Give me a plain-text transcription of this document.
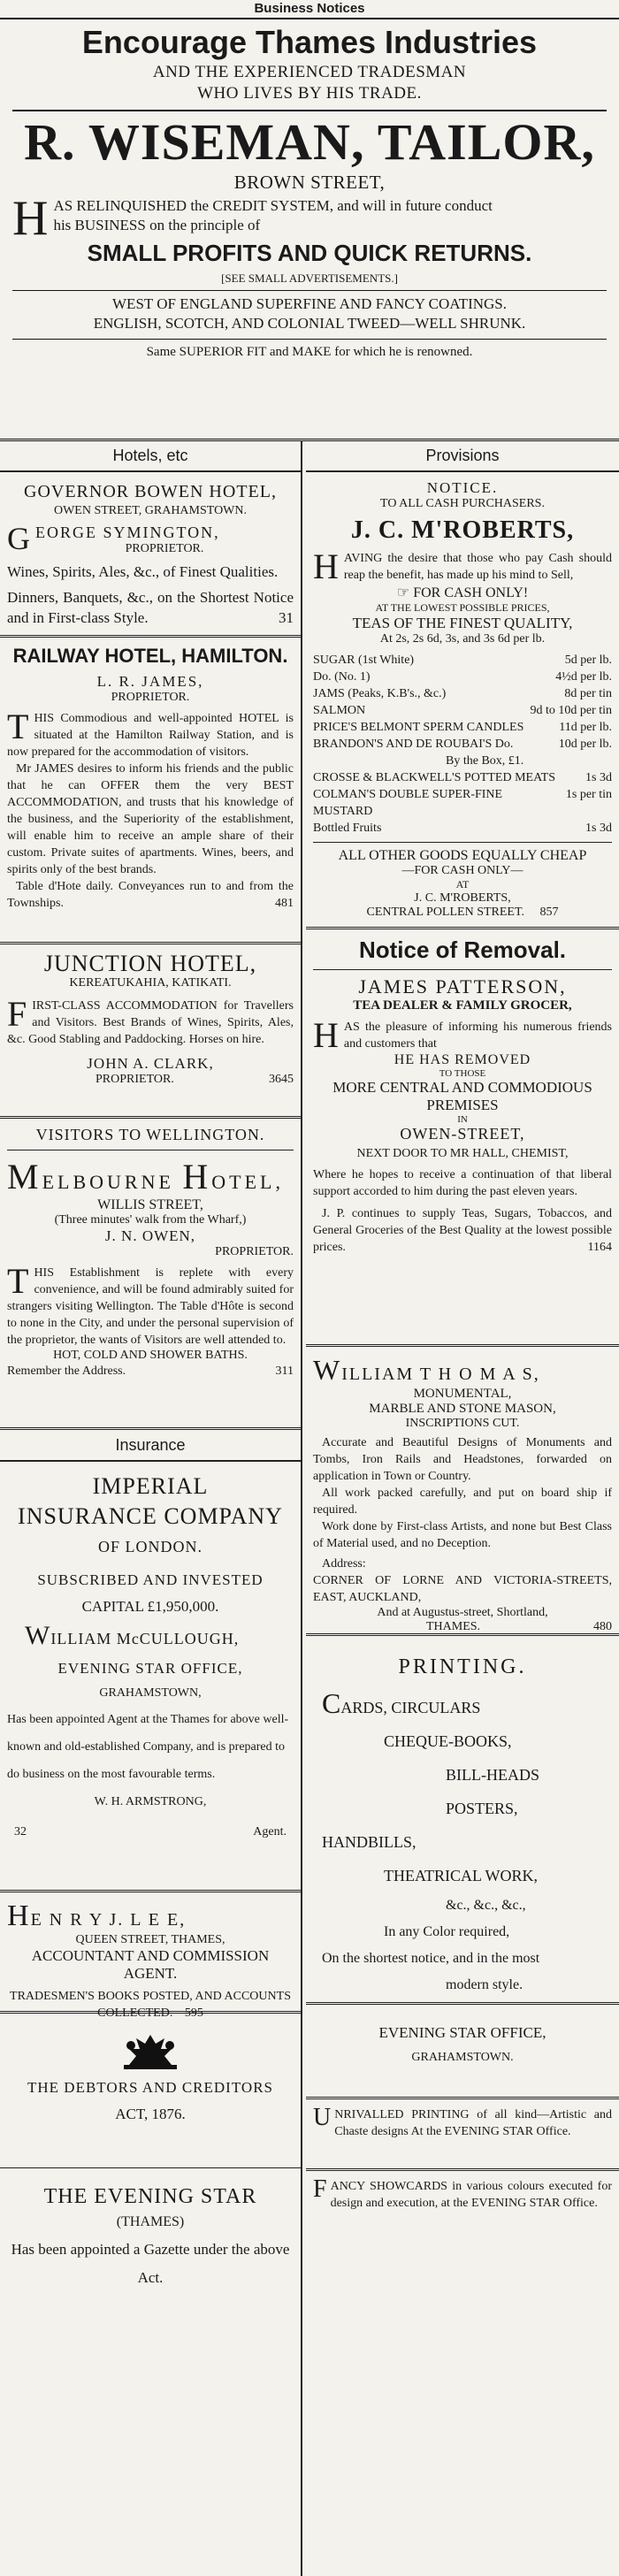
Business Notices
Encourage Thames Industries
AND THE EXPERIENCED TRADESMAN
WHO LIVES BY HIS TRADE.
R. WISEMAN, TAILOR,
BROWN STREET,
H AS RELINQUISHED the CREDIT SYSTEM, and will in future conduct
his BUSINESS on the principle of
SMALL PROFITS AND QUICK RETURNS.
[SEE SMALL ADVERTISEMENTS.]
WEST OF ENGLAND SUPERFINE AND FANCY COATINGS.
ENGLISH, SCOTCH, AND COLONIAL TWEED—WELL SHRUNK.
Same SUPERIOR FIT and MAKE for which he is renowned.
Hotels, etc
GOVERNOR BOWEN HOTEL,
OWEN STREET, GRAHAMSTOWN.
G EORGE SYMINGTON,
PROPRIETOR.
Wines, Spirits, Ales, &c., of Finest Qualities.
Dinners, Banquets, &c., on the Shortest Notice and in First-class Style.	31
RAILWAY HOTEL, HAMILTON.
L. R. JAMES,
PROPRIETOR.
T HIS Commodious and well-appointed HOTEL is situated at the Hamilton Railway Station, and is now prepared for the accommodation of visitors.
Mr JAMES desires to inform his friends and the public that he can OFFER them the very BEST ACCOMMODATION, and trusts that his knowledge of the business, and the Superiority of the establishment, will enable him to receive an ample share of their custom. Private suites of apartments. Wines, beers, and spirits only of the best brands.
Table d'Hote daily. Conveyances run to and from the Townships.	481
JUNCTION HOTEL,
KEREATUKAHIA, KATIKATI.
F IRST-CLASS ACCOMMODATION for Travellers and Visitors. Best Brands of Wines, Spirits, Ales, &c. Good Stabling and Paddocking. Horses on hire.
JOHN A. CLARK,
PROPRIETOR.	3645
VISITORS TO WELLINGTON.
MELBOURNE HOTEL,
WILLIS STREET,
(Three minutes' walk from the Wharf,)
J. N. OWEN,
PROPRIETOR.
T HIS Establishment is replete with every convenience, and will be found admirably suited for strangers visiting Wellington. The Table d'Hôte is second to none in the City, and under the personal supervision of the proprietor, the wants of Visitors are well attended to.
HOT, COLD AND SHOWER BATHS.
Remember the Address.	311
Insurance
IMPERIAL
INSURANCE COMPANY
OF LONDON.
SUBSCRIBED AND INVESTED
CAPITAL £1,950,000.
WILLIAM McCULLOUGH,
EVENING STAR OFFICE,
GRAHAMSTOWN,
Has been appointed Agent at the Thames for above well-known and old-established Company, and is prepared to do business on the most favourable terms.
W. H. ARMSTRONG,
32	Agent.
HE N R Y J. L E E,
QUEEN STREET, THAMES,
ACCOUNTANT AND COMMISSION
AGENT.
TRADESMEN'S BOOKS POSTED, AND ACCOUNTS COLLECTED. 595
THE DEBTORS AND CREDITORS
ACT, 1876.
THE EVENING STAR
(THAMES)
Has been appointed a Gazette under the above Act.
Provisions
NOTICE.
TO ALL CASH PURCHASERS.
J. C. M'ROBERTS,
H AVING the desire that those who pay Cash should reap the benefit, has made up his mind to Sell,
☞ FOR CASH ONLY!
AT THE LOWEST POSSIBLE PRICES,
TEAS OF THE FINEST QUALITY,
At 2s, 2s 6d, 3s, and 3s 6d per lb.
SUGAR (1st White)	5d per lb.
Do. (No. 1)	4½d per lb.
JAMS (Peaks, K.B's., &c.)	8d per tin
SALMON	9d to 10d per tin
PRICE'S BELMONT SPERM CANDLES	11d per lb.
BRANDON'S AND DE ROUBAI'S Do.	10d per lb.
By the Box, £1.
CROSSE & BLACKWELL'S POTTED MEATS 1s 3d
COLMAN'S DOUBLE SUPER-FINE MUSTARD
1s per tin
Bottled Fruits	1s 3d
ALL OTHER GOODS EQUALLY CHEAP
—FOR CASH ONLY—
AT
J. C. M'ROBERTS,
CENTRAL POLLEN STREET. 857
Notice of Removal.
JAMES PATTERSON,
TEA DEALER & FAMILY GROCER,
H AS the pleasure of informing his numerous friends and customers that
HE HAS REMOVED
TO THOSE
MORE CENTRAL AND COMMODIOUS PREMISES
IN
OWEN-STREET,
NEXT DOOR TO MR HALL, CHEMIST,
Where he hopes to receive a continuation of that liberal support accorded to him during the past eleven years.
J. P. continues to supply Teas, Sugars, Tobaccos, and General Groceries of the Best Quality at the lowest possible prices.	1164
WILLIAM T H O M A S,
MONUMENTAL,
MARBLE AND STONE MASON,
INSCRIPTIONS CUT.
Accurate and Beautiful Designs of Monuments and Tombs, Iron Rails and Headstones, forwarded on application in Town or Country.
All work packed carefully, and put on board ship if required.
Work done by First-class Artists, and none but Best Class of Material used, and no Deception.
Address:
CORNER OF LORNE AND VICTORIA-STREETS, EAST, AUCKLAND,
And at Augustus-street, Shortland,
THAMES.	480
PRINTING.
CARDS, CIRCULARS
CHEQUE-BOOKS,
BILL-HEADS
POSTERS,
HANDBILLS,
THEATRICAL WORK,
&c., &c., &c.,
In any Color required,
On the shortest notice, and in the most
modern style.
EVENING STAR OFFICE,
GRAHAMSTOWN.
UNRIVALLED PRINTING of all kind—Artistic and Chaste designs At the EVENING STAR Office.
FANCY SHOWCARDS in various colours executed for design and execution, at the EVENING STAR Office.
